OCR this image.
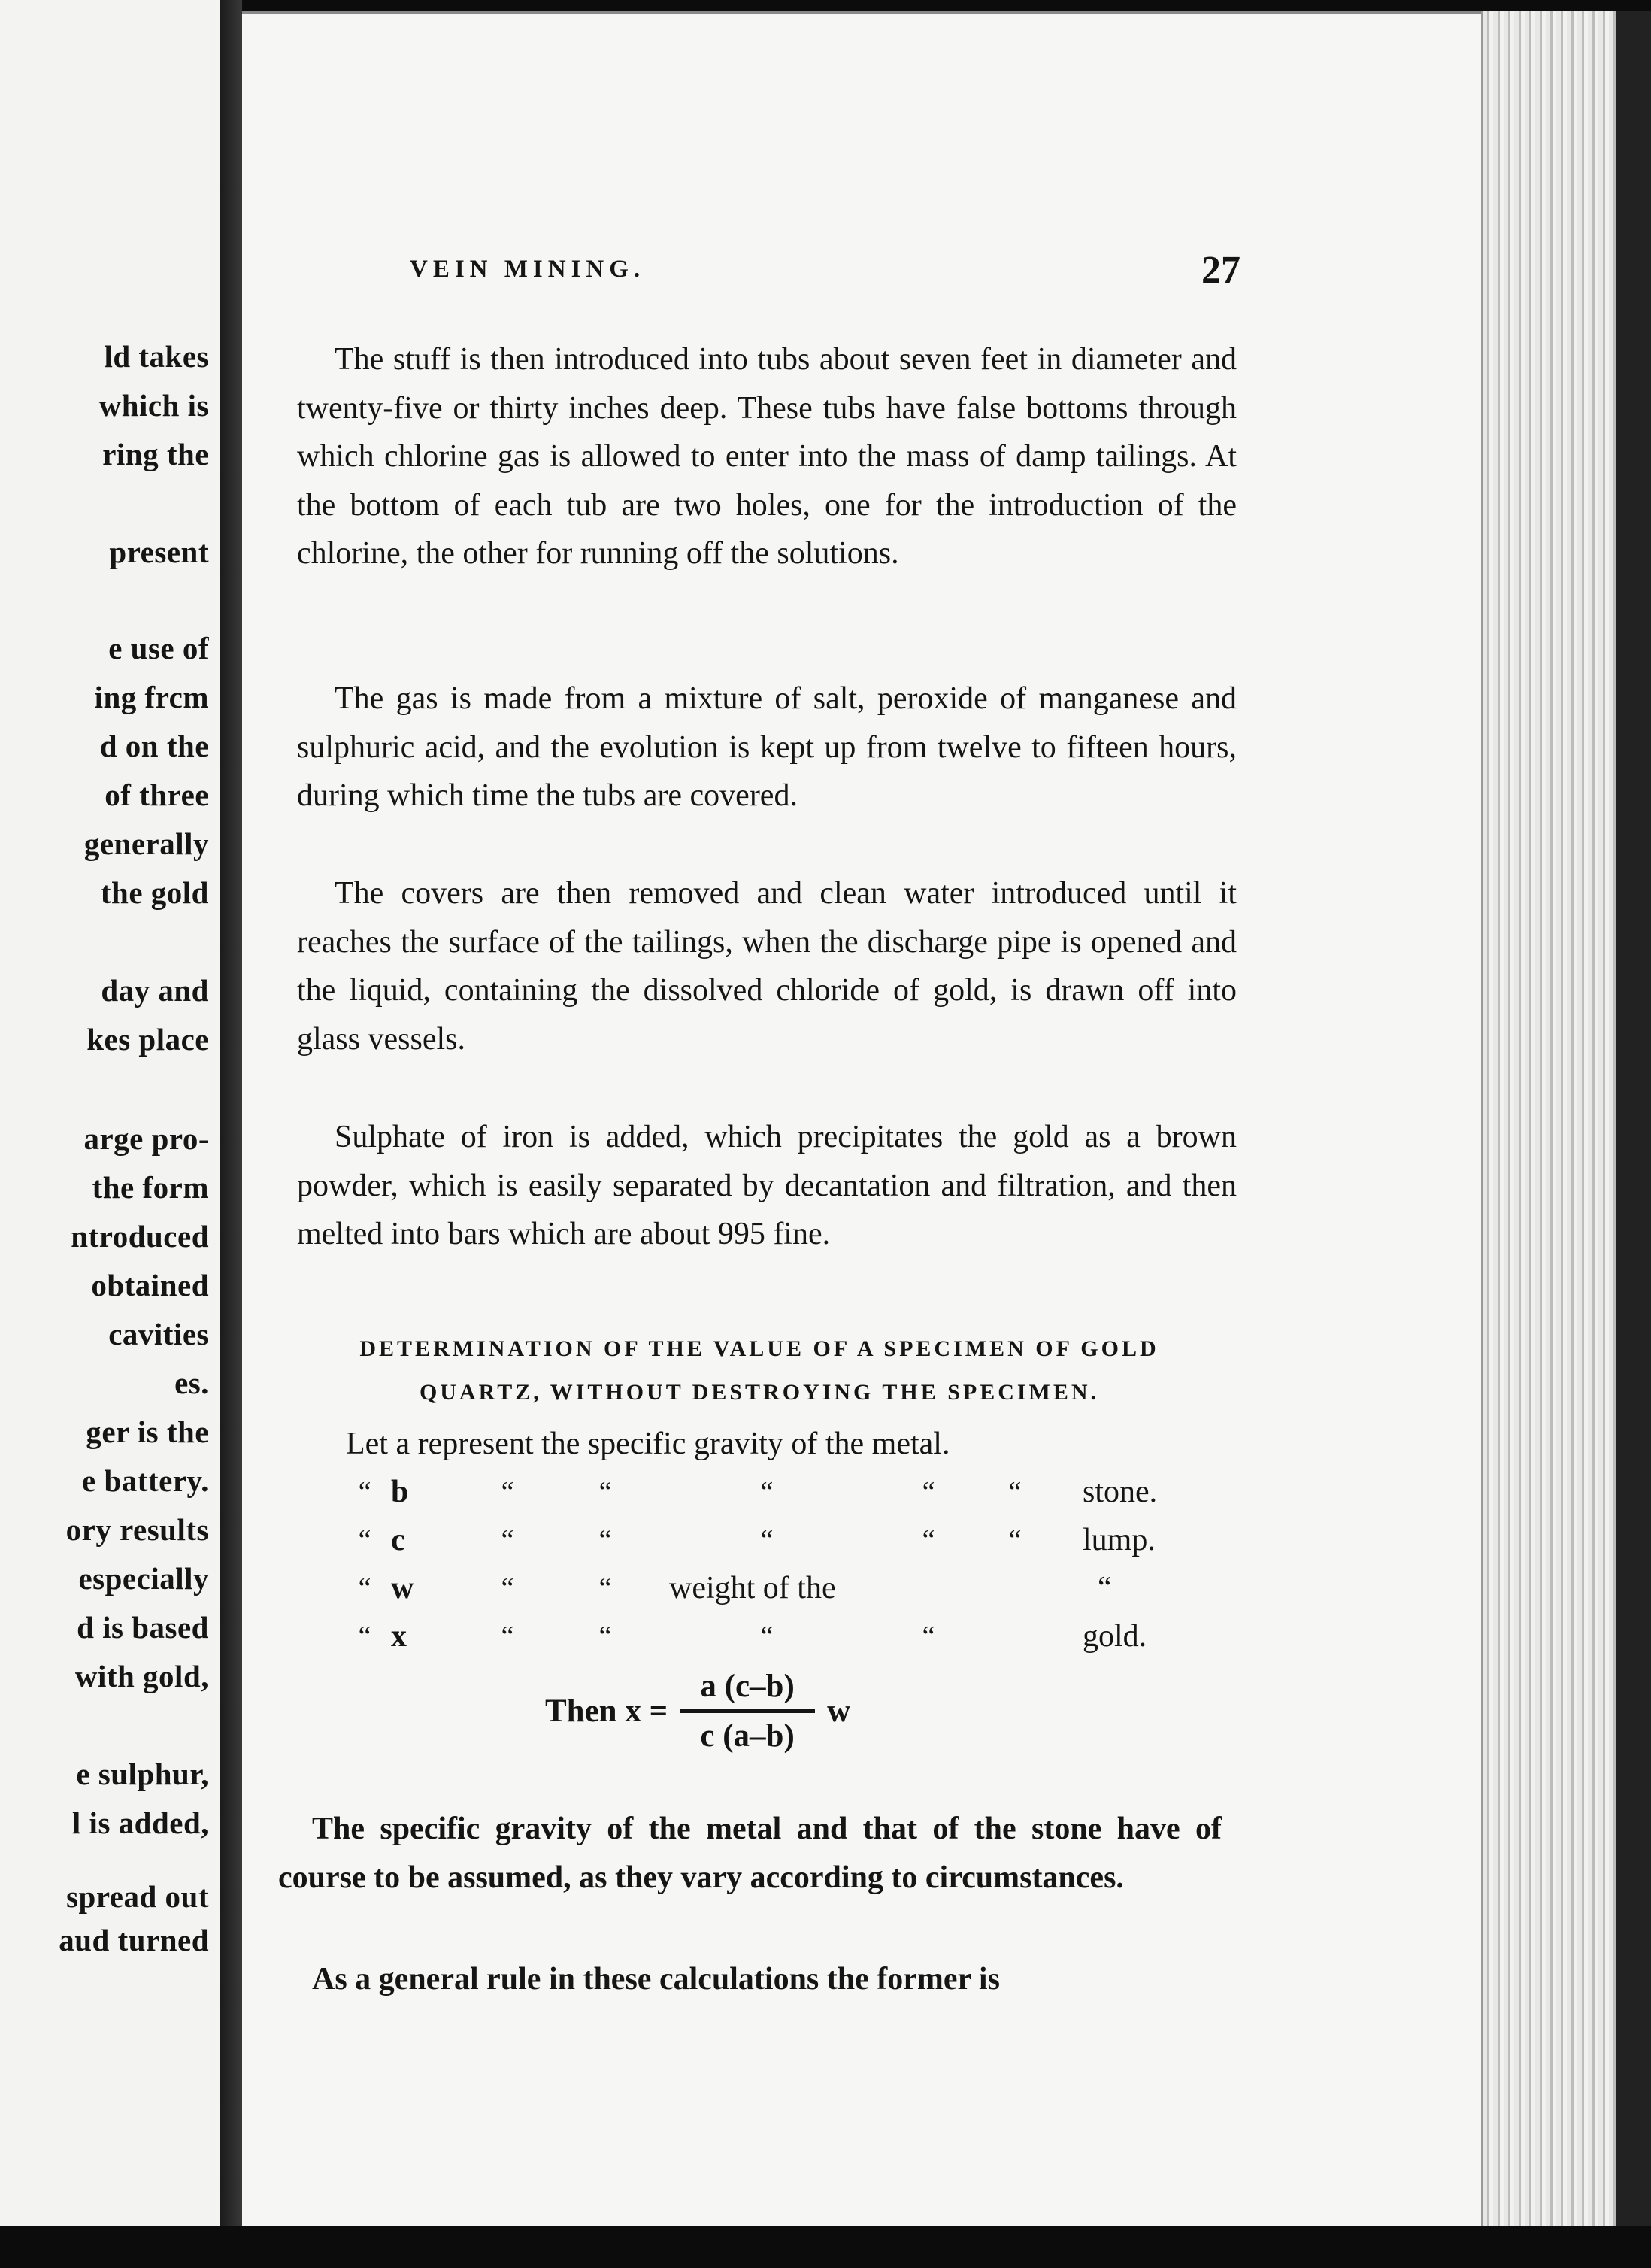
ld takes
which is
ring the
present
e use of
ing frcm
d on the
of three
generally
the gold
day and
kes place
arge pro-
the form
ntroduced
obtained
cavities
es.
ger is the
e battery.
ory results
especially
d is based
with gold,
e sulphur,
l is added,
spread out
aud turned
VEIN MINING.	27

The stuff is then introduced into tubs about seven feet in diameter and twenty-five or thirty inches deep. These tubs have false bottoms through which chlorine gas is allowed to enter into the mass of damp tailings. At the bottom of each tub are two holes, one for the introduction of the chlorine, the other for running off the solutions.

The gas is made from a mixture of salt, peroxide of manganese and sulphuric acid, and the evolution is kept up from twelve to fifteen hours, during which time the tubs are covered.

The covers are then removed and clean water introduced until it reaches the surface of the tailings, when the discharge pipe is opened and the liquid, containing the dissolved chloride of gold, is drawn off into glass vessels.

Sulphate of iron is added, which precipitates the gold as a brown powder, which is easily separated by decantation and filtration, and then melted into bars which are about 995 fine.

DETERMINATION OF THE VALUE OF A SPECIMEN OF GOLD
QUARTZ, WITHOUT DESTROYING THE SPECIMEN.
Let a represent the specific gravity of the metal.							
“	b	“	“	“	“	“	stone.
“	c	“	“	“	“	“	lump.
“	w	“	“	weight of the			“
“	x	“	“	“	“		gold.
Then x =
a (c–b)
c (a–b)
w

The specific gravity of the metal and that of the stone have of course to be assumed, as they vary according to circumstances.

As a general rule in these calculations the former is
